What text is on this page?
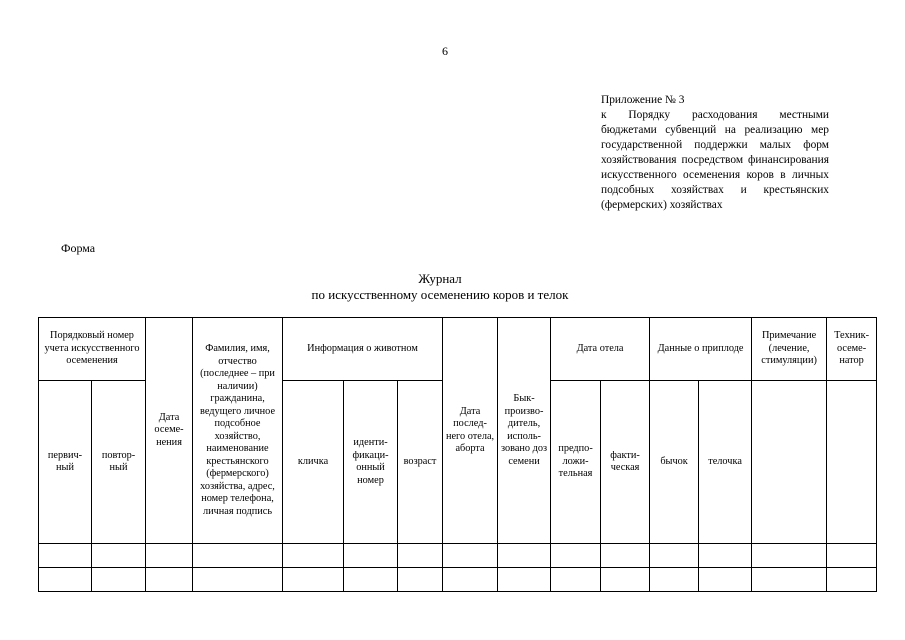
6
Приложение № 3
к Порядку расходования местными бюджетами субвенций на реализацию мер государственной поддержки малых форм хозяйствования посредством финансирования искусственного осеменения коров в личных подсобных хозяйствах и крестьянских (фермерских) хозяйствах
Форма
Журнал
по искусственному осеменению коров и телок
Порядковый номер учета искусственного осеменения		Дата осеме-нения	Фамилия, имя, отчество (последнее – при наличии) гражданина, ведущего личное подсобное хозяйство, наименование крестьянского (фермерского) хозяйства, адрес, номер телефона, личная подпись	Информация о животном			Дата послед-него отела, аборта	Бык-произво-дитель, исполь-зовано доз семени	Дата отела		Данные о приплоде		Примечание (лечение, стимуляции)	Техник-осеме-натор
первич-ный	повтор-ный			кличка	иденти-фикаци-онный номер	возраст			предпо-ложи-тельная	факти-ческая	бычок	телочка		
